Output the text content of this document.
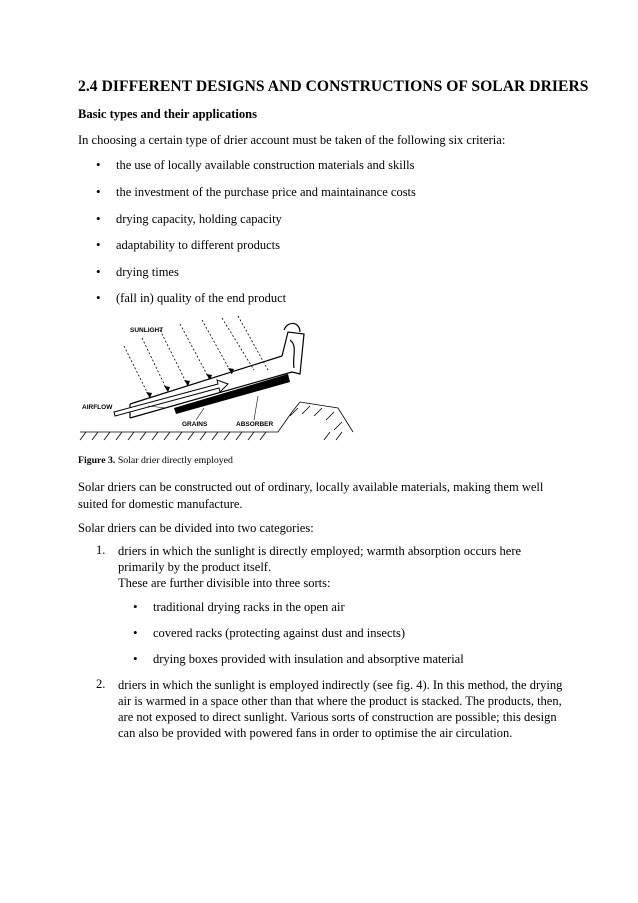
2.4 DIFFERENT DESIGNS AND CONSTRUCTIONS OF SOLAR DRIERS
Basic types and their applications
In choosing a certain type of drier account must be taken of the following six criteria:
• the use of locally available construction materials and skills
• the investment of the purchase price and maintainance costs
• drying capacity, holding capacity
• adaptability to different products
• drying times
• (fall in) quality of the end product
SUNLIGHT
AIRFLOW
GRAINS	ABSORBER
Figure 3. Solar drier directly employed
Solar driers can be constructed out of ordinary, locally available materials, making them well
suited for domestic manufacture.
Solar driers can be divided into two categories:
1. driers in which the sunlight is directly employed; warmth absorption occurs here
primarily by the product itself.
These are further divisible into three sorts:
• traditional drying racks in the open air
• covered racks (protecting against dust and insects)
• drying boxes provided with insulation and absorptive material
2. driers in which the sunlight is employed indirectly (see fig. 4). In this method, the drying
air is warmed in a space other than that where the product is stacked. The products, then,
are not exposed to direct sunlight. Various sorts of construction are possible; this design
can also be provided with powered fans in order to optimise the air circulation.
